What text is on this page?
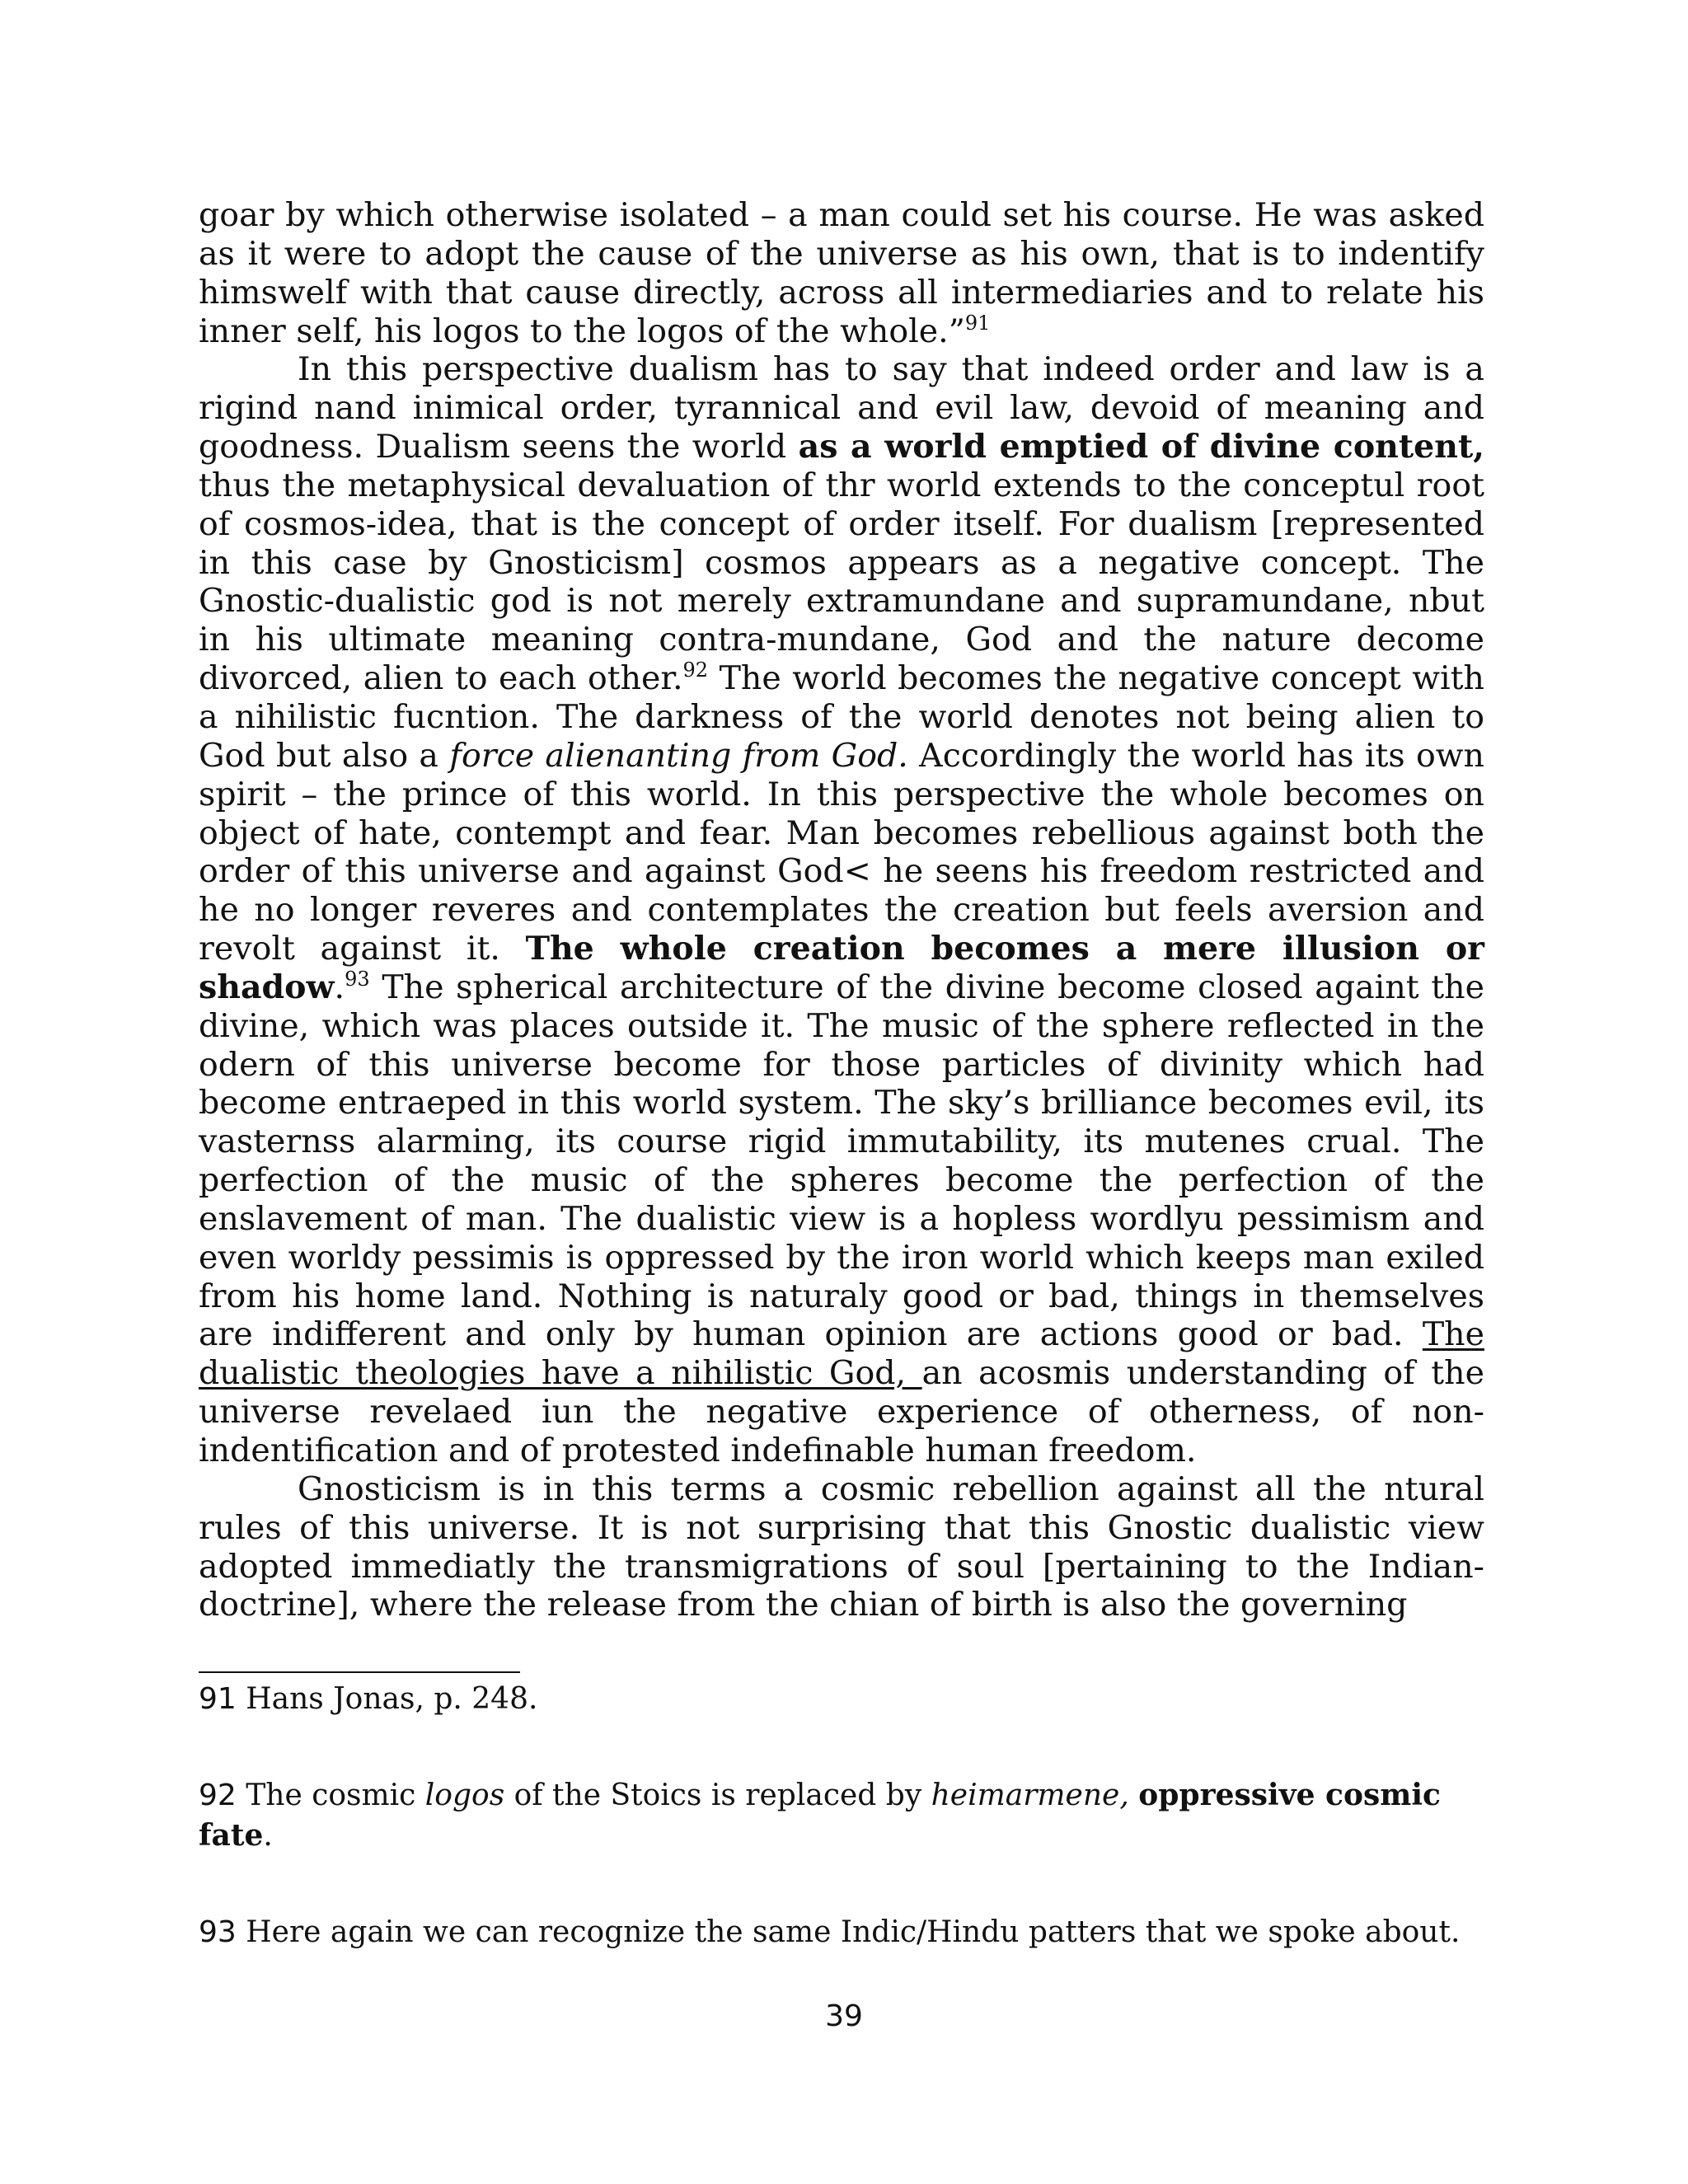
goar by which otherwise isolated – a man could set his course. He was asked as it were to adopt the cause of the universe as his own, that is to indentify himswelf with that cause directly, across all intermediaries and to relate his inner self, his logos to the logos of the whole.”$^{91}$

In this perspective dualism has to say that indeed order and law is a rigind nand inimical order, tyrannical and evil law, devoid of meaning and goodness. Dualism seens the world as a world emptied of divine content, thus the metaphysical devaluation of thr world extends to the conceptul root of cosmos-idea, that is the concept of order itself. For dualism [represented in this case by Gnosticism] cosmos appears as a negative concept. The Gnostic-dualistic god is not merely extramundane and supramundane, nbut in his ultimate meaning contra-mundane, God and the nature decome divorced, alien to each other.$^{92}$ The world becomes the negative concept with a nihilistic fucntion. The darkness of the world denotes not being alien to God but also a force alienanting from God. Accordingly the world has its own spirit – the prince of this world. In this perspective the whole becomes on object of hate, contempt and fear. Man becomes rebellious against both the order of this universe and against God< he seens his freedom restricted and he no longer reveres and contemplates the creation but feels aversion and revolt against it. The whole creation becomes a mere illusion or shadow.$^{93}$ The spherical architecture of the divine become closed againt the divine, which was places outside it. The music of the sphere reflected in the odern of this universe become for those particles of divinity which had become entraeped in this world system. The sky’s brilliance becomes evil, its vasternss alarming, its course rigid immutability, its mutenes crual. The perfection of the music of the spheres become the perfection of the enslavement of man. The dualistic view is a hopless wordlyu pessimism and even worldy pessimis is oppressed by the iron world which keeps man exiled from his home land. Nothing is naturaly good or bad, things in themselves are indifferent and only by human opinion are actions good or bad. The dualistic theologies have a nihilistic God, an acosmis understanding of the universe revelaed iun the negative experience of otherness, of non-indentification and of protested indefinable human freedom.

Gnosticism is in this terms a cosmic rebellion against all the ntural rules of this universe. It is not surprising that this Gnostic dualistic view adopted immediatly the transmigrations of soul [pertaining to the Indian-doctrine], where the release from the chian of birth is also the governing

91 Hans Jonas, p. 248.

92 The cosmic logos of the Stoics is replaced by heimarmene, oppressive cosmic fate.

93 Here again we can recognize the same Indic/Hindu patters that we spoke about.

39
